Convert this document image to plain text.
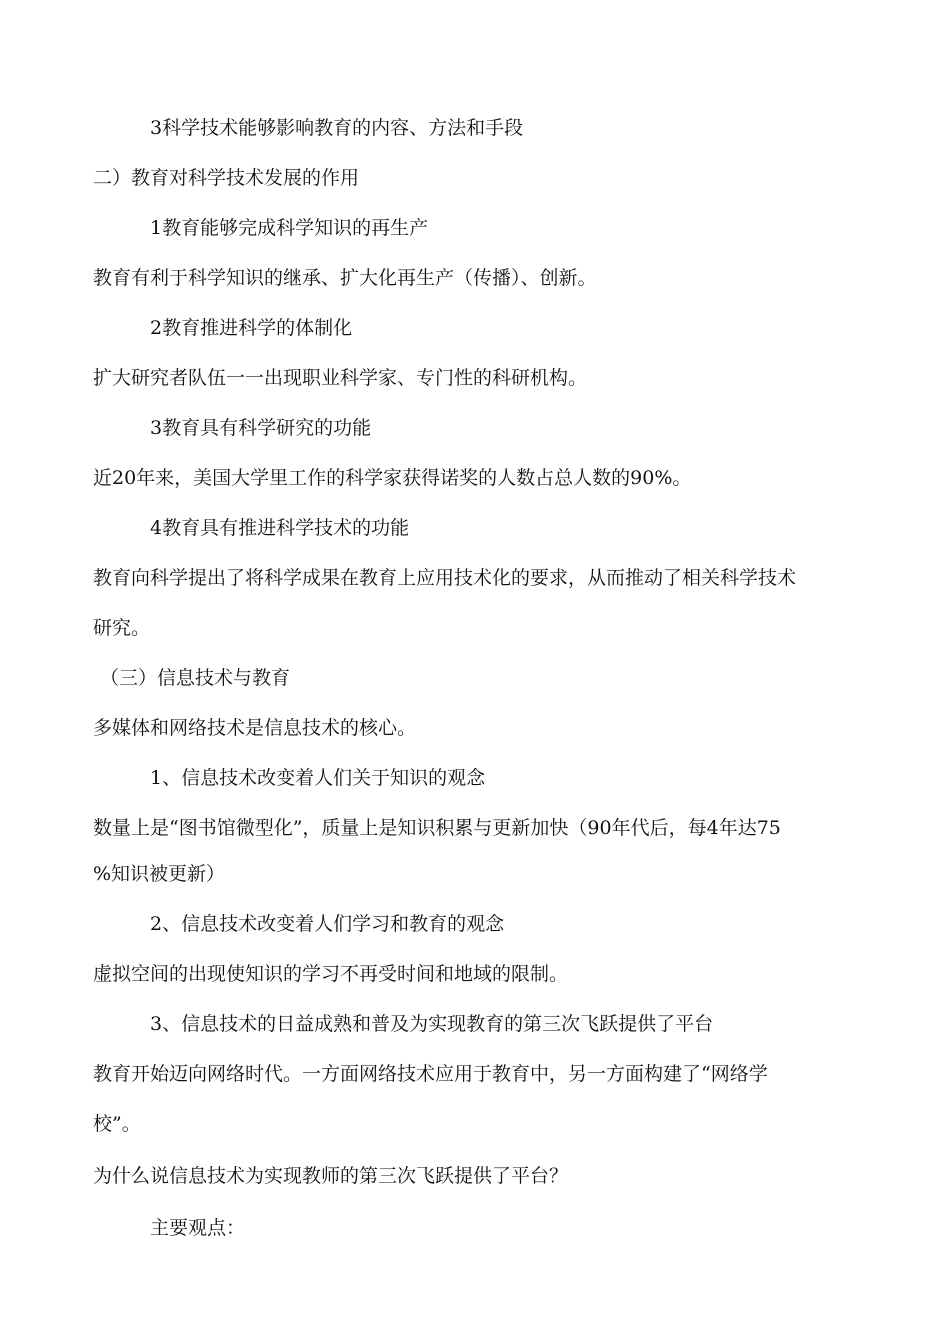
3科学技术能够影响教育的内容、方法和手段

二）教育对科学技术发展的作用

1教育能够完成科学知识的再生产

教育有利于科学知识的继承、扩大化再生产（传播）、创新。

2教育推进科学的体制化

扩大研究者队伍一一出现职业科学家、专门性的科研机构。

3教育具有科学研究的功能

近20年来，美国大学里工作的科学家获得诺奖的人数占总人数的90%。

4教育具有推进科学技术的功能

教育向科学提出了将科学成果在教育上应用技术化的要求，从而推动了相关科学技术

研究。

（三）信息技术与教育

多媒体和网络技术是信息技术的核心。

1、信息技术改变着人们关于知识的观念

数量上是“图书馆微型化”，质量上是知识积累与更新加快（90年代后，每4年达75

%知识被更新）

2、信息技术改变着人们学习和教育的观念

虚拟空间的出现使知识的学习不再受时间和地域的限制。

3、信息技术的日益成熟和普及为实现教育的第三次飞跃提供了平台

教育开始迈向网络时代。一方面网络技术应用于教育中，另一方面构建了“网络学

校”。

为什么说信息技术为实现教师的第三次飞跃提供了平台？

主要观点：
